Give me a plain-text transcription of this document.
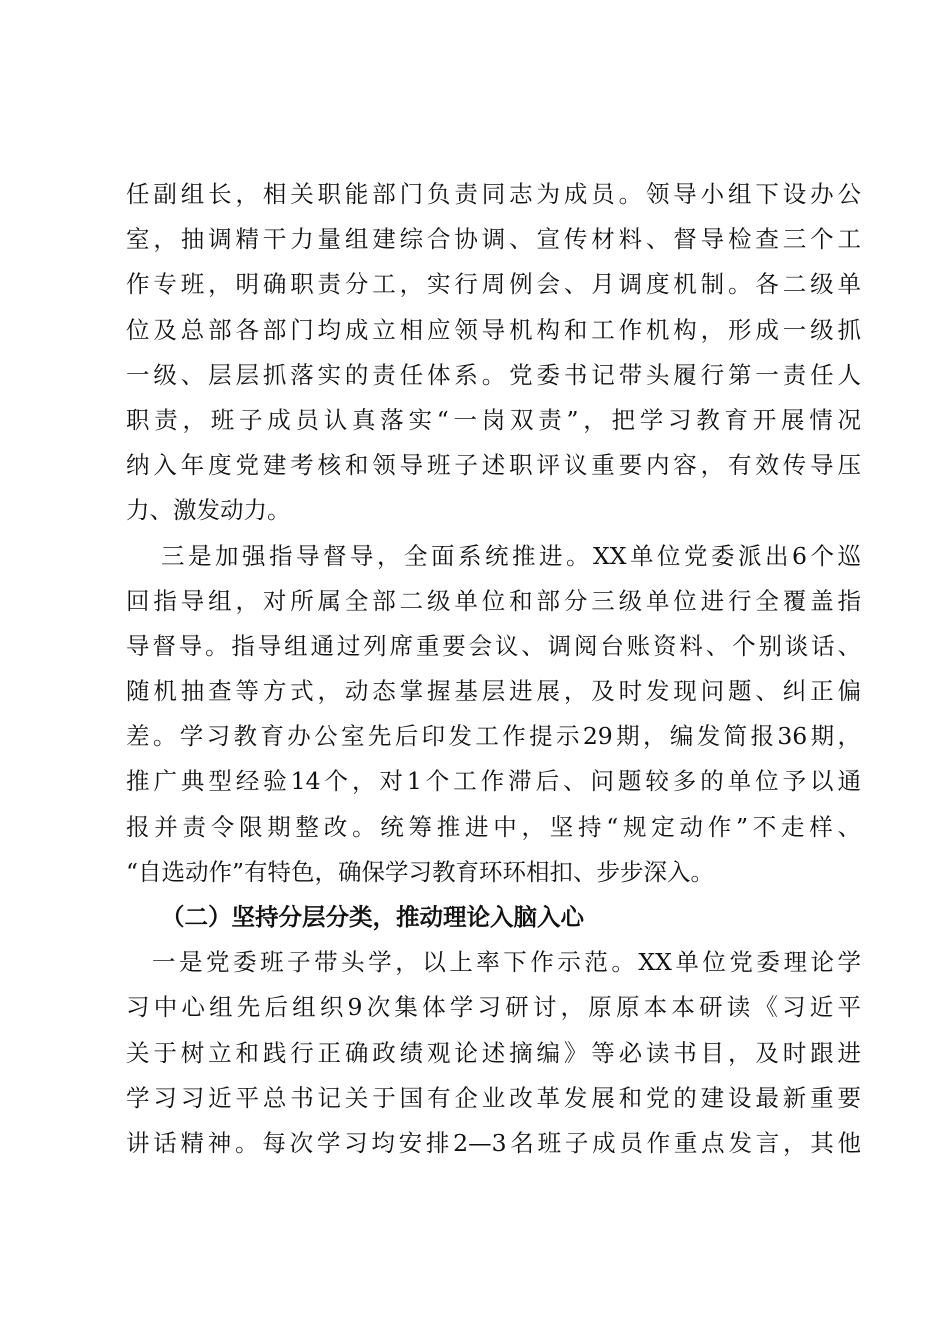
任副组长，相关职能部门负责同志为成员。领导小组下设办公
室，抽调精干力量组建综合协调、宣传材料、督导检查三个工
作专班，明确职责分工，实行周例会、月调度机制。各二级单
位及总部各部门均成立相应领导机构和工作机构，形成一级抓
一级、层层抓落实的责任体系。党委书记带头履行第一责任人
职责，班子成员认真落实“一岗双责”，把学习教育开展情况
纳入年度党建考核和领导班子述职评议重要内容，有效传导压
力、激发动力。
三是加强指导督导，全面系统推进。XX单位党委派出6个巡
回指导组，对所属全部二级单位和部分三级单位进行全覆盖指
导督导。指导组通过列席重要会议、调阅台账资料、个别谈话、
随机抽查等方式，动态掌握基层进展，及时发现问题、纠正偏
差。学习教育办公室先后印发工作提示29期，编发简报36期，
推广典型经验14个，对1个工作滞后、问题较多的单位予以通
报并责令限期整改。统筹推进中，坚持“规定动作”不走样、
“自选动作”有特色，确保学习教育环环相扣、步步深入。
（二）坚持分层分类，推动理论入脑入心
一是党委班子带头学，以上率下作示范。XX单位党委理论学
习中心组先后组织9次集体学习研讨，原原本本研读《习近平
关于树立和践行正确政绩观论述摘编》等必读书目，及时跟进
学习习近平总书记关于国有企业改革发展和党的建设最新重要
讲话精神。每次学习均安排2—3名班子成员作重点发言，其他
